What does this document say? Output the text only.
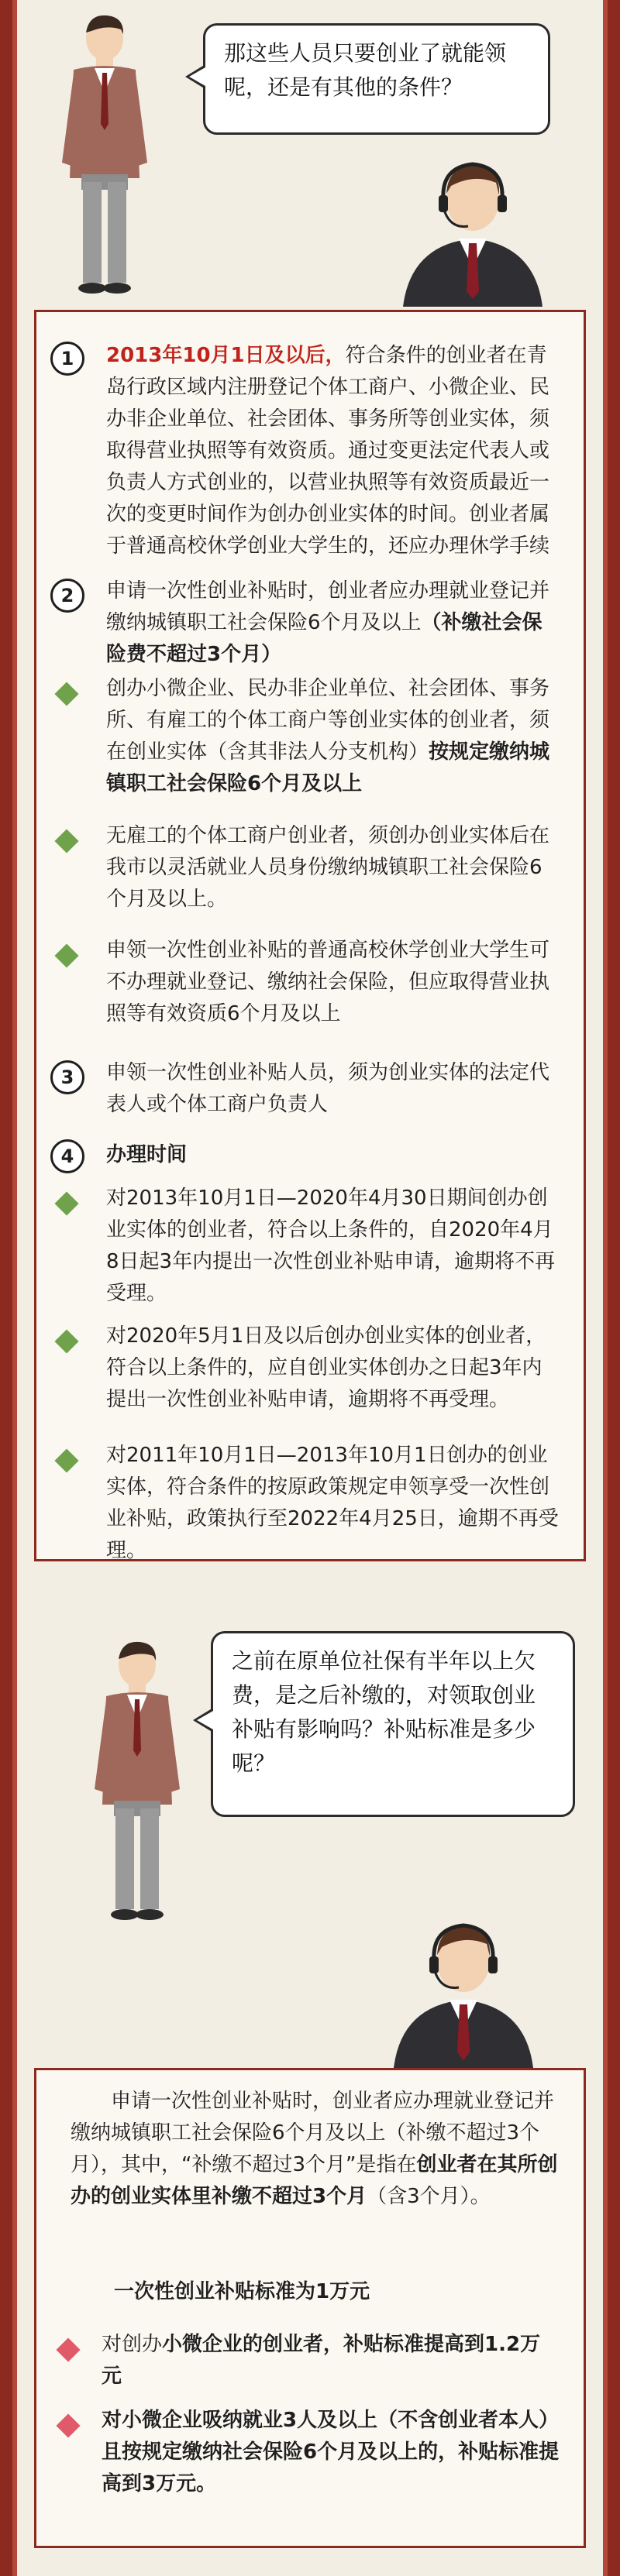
那这些人员只要创业了就能领呢，还是有其他的条件？
1	2013年10月1日及以后，符合条件的创业者在青岛行政区域内注册登记个体工商户、小微企业、民办非企业单位、社会团体、事务所等创业实体，须取得营业执照等有效资质。通过变更法定代表人或负责人方式创业的，以营业执照等有效资质最近一次的变更时间作为创办创业实体的时间。创业者属于普通高校休学创业大学生的，还应办理休学手续
2	申请一次性创业补贴时，创业者应办理就业登记并缴纳城镇职工社会保险6个月及以上（补缴社会保险费不超过3个月）
创办小微企业、民办非企业单位、社会团体、事务所、有雇工的个体工商户等创业实体的创业者，须在创业实体（含其非法人分支机构）按规定缴纳城镇职工社会保险6个月及以上
无雇工的个体工商户创业者，须创办创业实体后在我市以灵活就业人员身份缴纳城镇职工社会保险6个月及以上。
申领一次性创业补贴的普通高校休学创业大学生可不办理就业登记、缴纳社会保险，但应取得营业执照等有效资质6个月及以上
3	申领一次性创业补贴人员，须为创业实体的法定代表人或个体工商户负责人
4	办理时间
对2013年10月1日—2020年4月30日期间创办创业实体的创业者，符合以上条件的，自2020年4月8日起3年内提出一次性创业补贴申请，逾期将不再受理。
对2020年5月1日及以后创办创业实体的创业者，符合以上条件的，应自创业实体创办之日起3年内提出一次性创业补贴申请，逾期将不再受理。
对2011年10月1日—2013年10月1日创办的创业实体，符合条件的按原政策规定申领享受一次性创业补贴，政策执行至2022年4月25日，逾期不再受理。
之前在原单位社保有半年以上欠费，是之后补缴的，对领取创业补贴有影响吗？补贴标准是多少呢？
申请一次性创业补贴时，创业者应办理就业登记并缴纳城镇职工社会保险6个月及以上（补缴不超过3个月），其中，“补缴不超过3个月”是指在创业者在其所创办的创业实体里补缴不超过3个月（含3个月）。
一次性创业补贴标准为1万元
对创办小微企业的创业者，补贴标准提高到1.2万元
对小微企业吸纳就业3人及以上（不含创业者本人）且按规定缴纳社会保险6个月及以上的，补贴标准提高到3万元。
